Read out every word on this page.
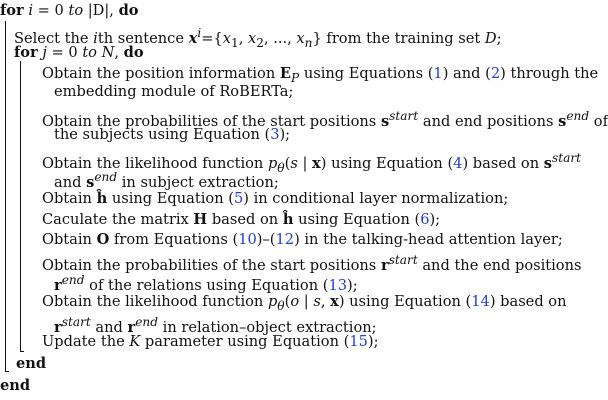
for i = 0 to |D|, do
Select the ith sentence $x^i=\{x_1$, $x_2$, ..., $x_n$} from the training set D;
for j = 0 to N, do
Obtain the position information $E_P$ using Equations (1) and (2) through the
embedding module of RoBERTa;
Obtain the probabilities of the start positions $s^{start}$ and end positions $s^{end}$ of
the subjects using Equation (3);
Obtain the likelihood function $p_\theta(s$ | x) using Equation (4) based on $s^{start}$
and $s^{end}$ in subject extraction;
Obtain ĥ using Equation (5) in conditional layer normalization;
Caculate the matrix H based on ĥ using Equation (6);
Obtain O from Equations (10)–(12) in the talking-head attention layer;
Obtain the probabilities of the start positions $r^{start}$ and the end positions
$r^{end}$ of the relations using Equation (13);
Obtain the likelihood function $p_\theta(o$ | s, x) using Equation (14) based on
$r^{start}$ and $r^{end}$ in relation–object extraction;
Update the K parameter using Equation (15);
end
end
